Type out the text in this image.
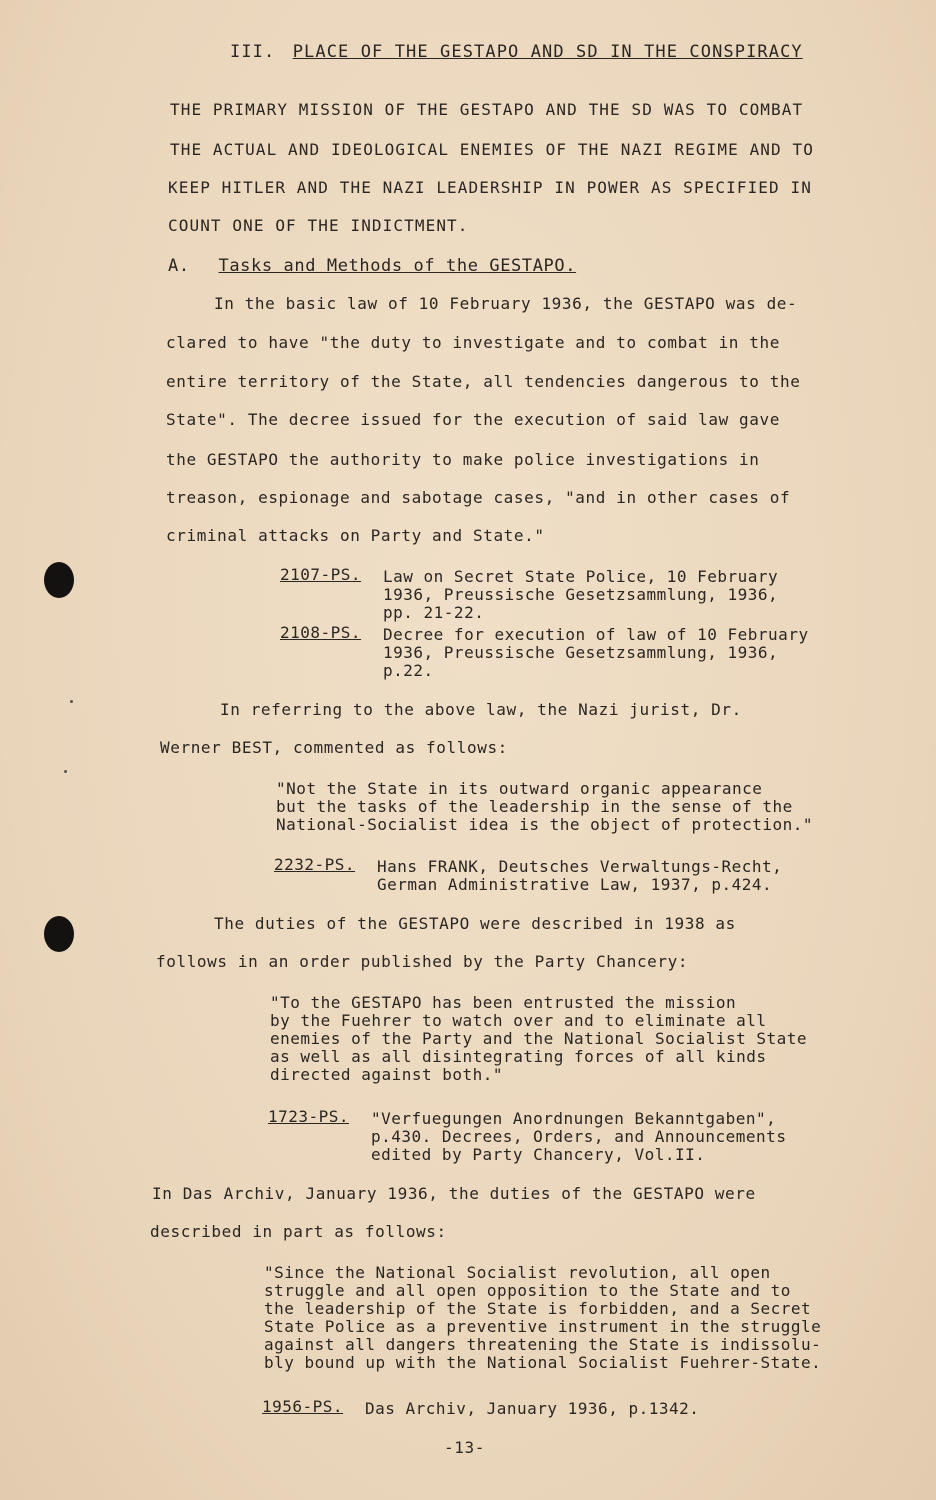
III. PLACE OF THE GESTAPO AND SD IN THE CONSPIRACY
THE PRIMARY MISSION OF THE GESTAPO AND THE SD WAS TO COMBAT
THE ACTUAL AND IDEOLOGICAL ENEMIES OF THE NAZI REGIME AND TO
KEEP HITLER AND THE NAZI LEADERSHIP IN POWER AS SPECIFIED IN
COUNT ONE OF THE INDICTMENT.
A. Tasks and Methods of the GESTAPO.
In the basic law of 10 February 1936, the GESTAPO was de-
clared to have "the duty to investigate and to combat in the
entire territory of the State, all tendencies dangerous to the
State". The decree issued for the execution of said law gave
the GESTAPO the authority to make police investigations in
treason, espionage and sabotage cases, "and in other cases of
criminal attacks on Party and State."
2107-PS. Law on Secret State Police, 10 February
1936, Preussische Gesetzsammlung, 1936,
pp. 21-22.
2108-PS. Decree for execution of law of 10 February
1936, Preussische Gesetzsammlung, 1936,
p.22.
In referring to the above law, the Nazi jurist, Dr.
Werner BEST, commented as follows:
"Not the State in its outward organic appearance
but the tasks of the leadership in the sense of the
National-Socialist idea is the object of protection."
2232-PS. Hans FRANK, Deutsches Verwaltungs-Recht,
German Administrative Law, 1937, p.424.
The duties of the GESTAPO were described in 1938 as
follows in an order published by the Party Chancery:
"To the GESTAPO has been entrusted the mission
by the Fuehrer to watch over and to eliminate all
enemies of the Party and the National Socialist State
as well as all disintegrating forces of all kinds
directed against both."
1723-PS. "Verfuegungen Anordnungen Bekanntgaben",
p.430. Decrees, Orders, and Announcements
edited by Party Chancery, Vol.II.
In Das Archiv, January 1936, the duties of the GESTAPO were
described in part as follows:
"Since the National Socialist revolution, all open
struggle and all open opposition to the State and to
the leadership of the State is forbidden, and a Secret
State Police as a preventive instrument in the struggle
against all dangers threatening the State is indissolu-
bly bound up with the National Socialist Fuehrer-State.
1956-PS. Das Archiv, January 1936, p.1342.
-13-
